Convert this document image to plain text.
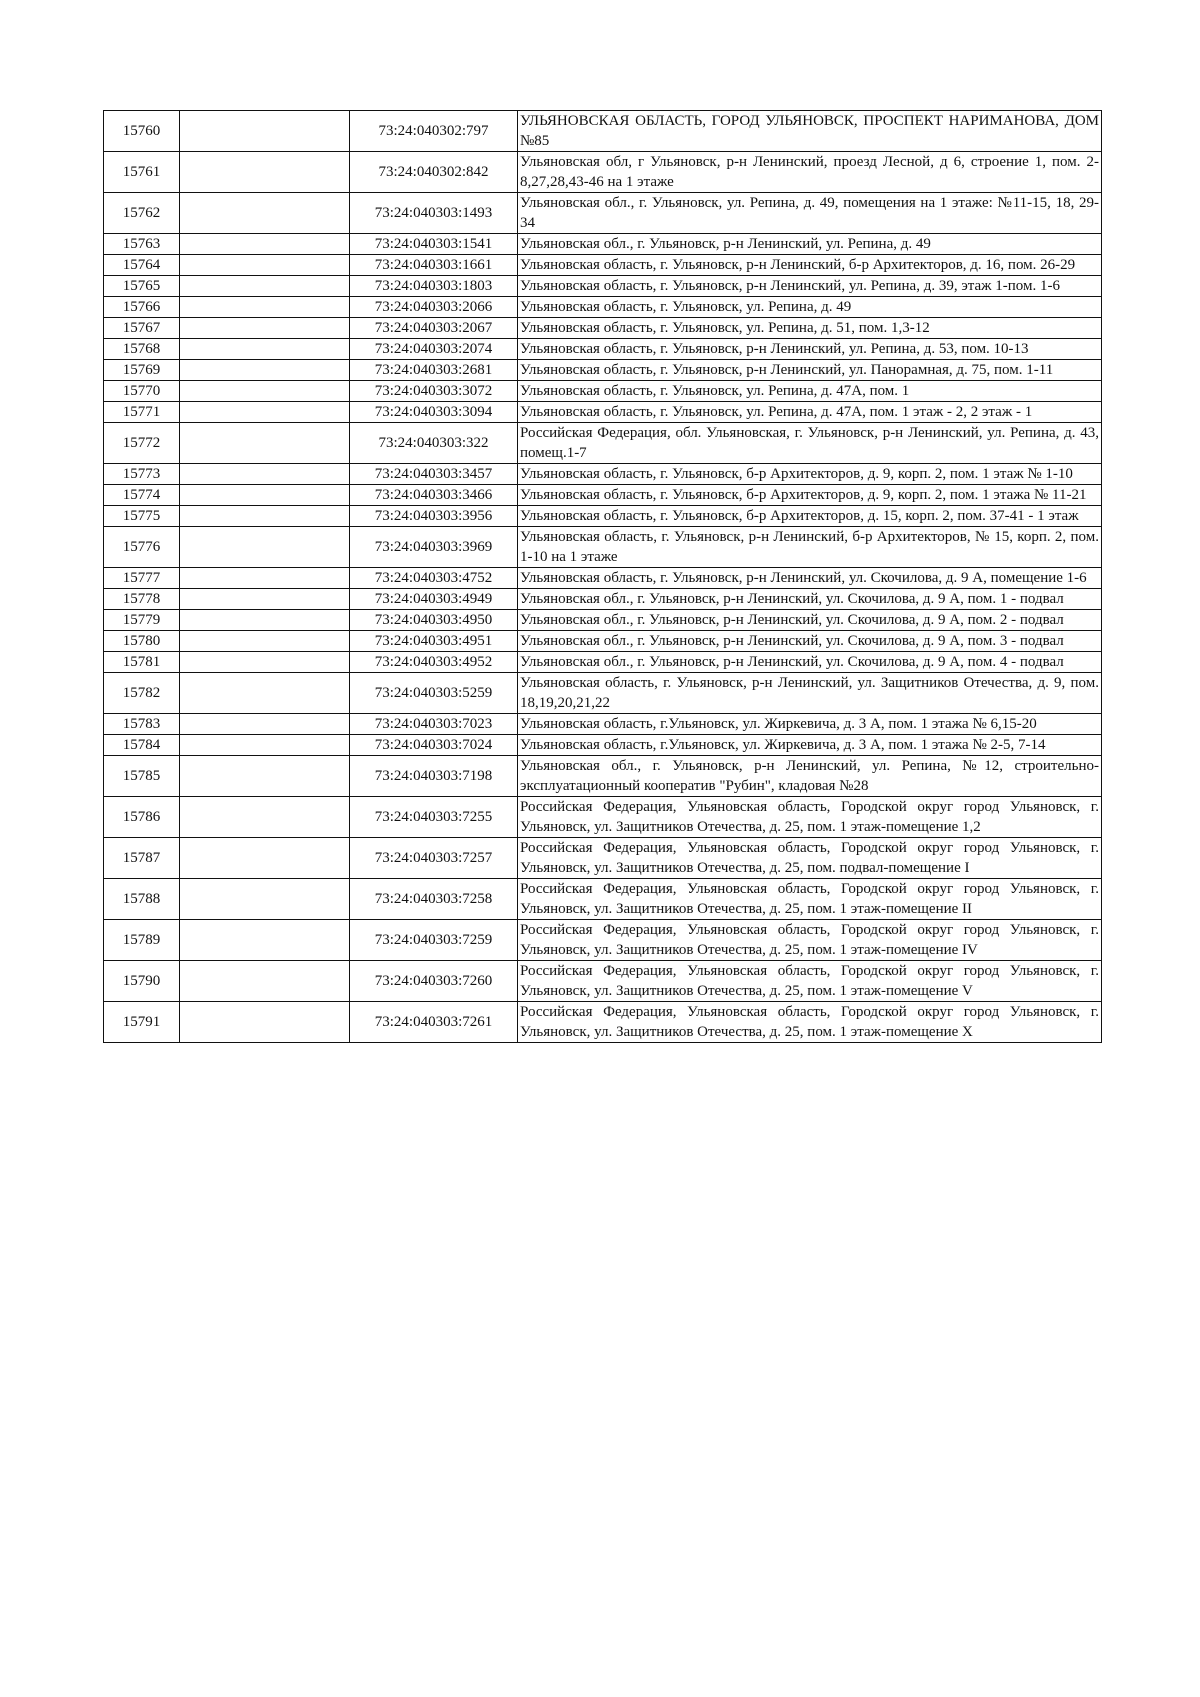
15760		73:24:040302:797	УЛЬЯНОВСКАЯ ОБЛАСТЬ, ГОРОД УЛЬЯНОВСК, ПРОСПЕКТ НАРИМАНОВА, ДОМ №85
15761		73:24:040302:842	Ульяновская обл, г Ульяновск, р-н Ленинский, проезд Лесной, д 6, строение 1, пом. 2-8,27,28,43-46 на 1 этаже
15762		73:24:040303:1493	Ульяновская обл., г. Ульяновск, ул. Репина, д. 49, помещения на 1 этаже: №11-15, 18, 29-34
15763		73:24:040303:1541	Ульяновская обл., г. Ульяновск, р-н Ленинский, ул. Репина, д. 49
15764		73:24:040303:1661	Ульяновская область, г. Ульяновск, р-н Ленинский, б-р Архитекторов, д. 16, пом. 26-29
15765		73:24:040303:1803	Ульяновская область, г. Ульяновск, р-н Ленинский, ул. Репина, д. 39, этаж 1-пом. 1-6
15766		73:24:040303:2066	Ульяновская область, г. Ульяновск, ул. Репина, д. 49
15767		73:24:040303:2067	Ульяновская область, г. Ульяновск, ул. Репина, д. 51, пом. 1,3-12
15768		73:24:040303:2074	Ульяновская область, г. Ульяновск, р-н Ленинский, ул. Репина, д. 53, пом. 10-13
15769		73:24:040303:2681	Ульяновская область, г. Ульяновск, р-н Ленинский, ул. Панорамная, д. 75, пом. 1-11
15770		73:24:040303:3072	Ульяновская область, г. Ульяновск, ул. Репина, д. 47А, пом. 1
15771		73:24:040303:3094	Ульяновская область, г. Ульяновск, ул. Репина, д. 47А, пом. 1 этаж - 2, 2 этаж - 1
15772		73:24:040303:322	Российская Федерация, обл. Ульяновская, г. Ульяновск, р-н Ленинский, ул. Репина, д. 43, помещ.1-7
15773		73:24:040303:3457	Ульяновская область, г. Ульяновск, б-р Архитекторов, д. 9, корп. 2, пом. 1 этаж № 1-10
15774		73:24:040303:3466	Ульяновская область, г. Ульяновск, б-р Архитекторов, д. 9, корп. 2, пом. 1 этажа № 11-21
15775		73:24:040303:3956	Ульяновская область, г. Ульяновск, б-р Архитекторов, д. 15, корп. 2, пом. 37-41 - 1 этаж
15776		73:24:040303:3969	Ульяновская область, г. Ульяновск, р-н Ленинский, б-р Архитекторов, № 15, корп. 2, пом. 1-10 на 1 этаже
15777		73:24:040303:4752	Ульяновская область, г. Ульяновск, р-н Ленинский, ул. Скочилова, д. 9 А, помещение 1-6
15778		73:24:040303:4949	Ульяновская обл., г. Ульяновск, р-н Ленинский, ул. Скочилова, д. 9 А, пом. 1 - подвал
15779		73:24:040303:4950	Ульяновская обл., г. Ульяновск, р-н Ленинский, ул. Скочилова, д. 9 А, пом. 2 - подвал
15780		73:24:040303:4951	Ульяновская обл., г. Ульяновск, р-н Ленинский, ул. Скочилова, д. 9 А, пом. 3 - подвал
15781		73:24:040303:4952	Ульяновская обл., г. Ульяновск, р-н Ленинский, ул. Скочилова, д. 9 А, пом. 4 - подвал
15782		73:24:040303:5259	Ульяновская область, г. Ульяновск, р-н Ленинский, ул. Защитников Отечества, д. 9, пом. 18,19,20,21,22
15783		73:24:040303:7023	Ульяновская область, г.Ульяновск, ул. Жиркевича, д. 3 А, пом. 1 этажа № 6,15-20
15784		73:24:040303:7024	Ульяновская область, г.Ульяновск, ул. Жиркевича, д. 3 А, пом. 1 этажа № 2-5, 7-14
15785		73:24:040303:7198	Ульяновская обл., г. Ульяновск, р-н Ленинский, ул. Репина, №12, строительно-эксплуатационный кооператив "Рубин", кладовая №28
15786		73:24:040303:7255	Российская Федерация, Ульяновская область, Городской округ город Ульяновск, г. Ульяновск, ул. Защитников Отечества, д. 25, пом. 1 этаж-помещение 1,2
15787		73:24:040303:7257	Российская Федерация, Ульяновская область, Городской округ город Ульяновск, г. Ульяновск, ул. Защитников Отечества, д. 25, пом. подвал-помещение I
15788		73:24:040303:7258	Российская Федерация, Ульяновская область, Городской округ город Ульяновск, г. Ульяновск, ул. Защитников Отечества, д. 25, пом. 1 этаж-помещение II
15789		73:24:040303:7259	Российская Федерация, Ульяновская область, Городской округ город Ульяновск, г. Ульяновск, ул. Защитников Отечества, д. 25, пом. 1 этаж-помещение IV
15790		73:24:040303:7260	Российская Федерация, Ульяновская область, Городской округ город Ульяновск, г. Ульяновск, ул. Защитников Отечества, д. 25, пом. 1 этаж-помещение V
15791		73:24:040303:7261	Российская Федерация, Ульяновская область, Городской округ город Ульяновск, г. Ульяновск, ул. Защитников Отечества, д. 25, пом. 1 этаж-помещение X
